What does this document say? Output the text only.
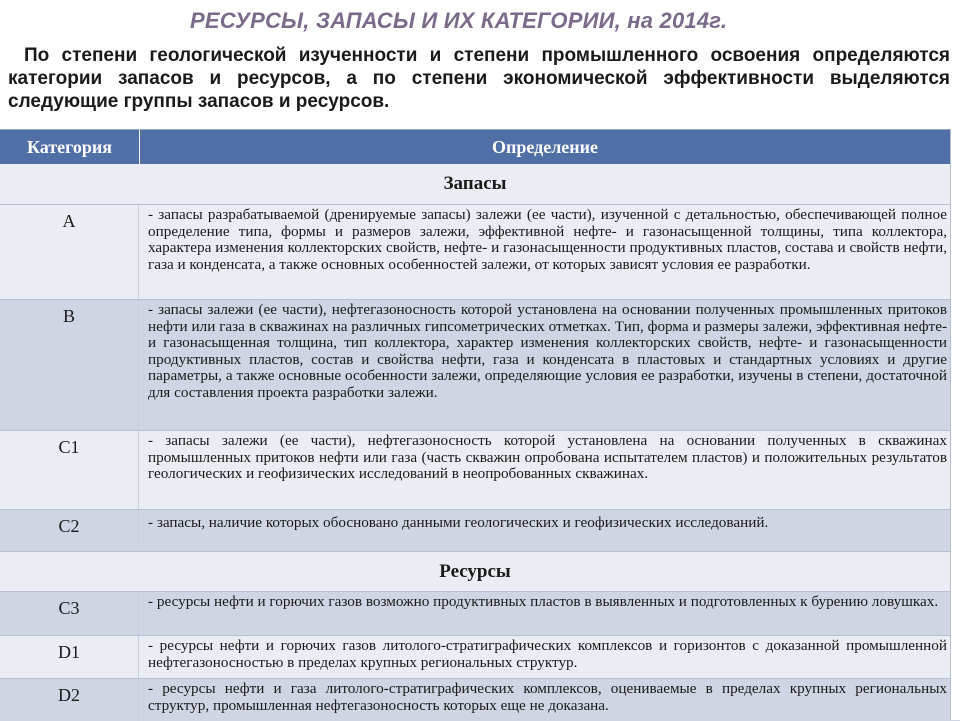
РЕСУРСЫ, ЗАПАСЫ И ИХ КАТЕГОРИИ, на 2014г.

По степени геологической изученности и степени промышленного освоения определяются категории запасов и ресурсов, а по степени экономической эффективности выделяются следующие группы запасов и ресурсов.

Категория	Определение
Запасы
A	- запасы разрабатываемой (дренируемые запасы) залежи (ее части), изученной с детальностью, обеспечивающей полное определение типа, формы и размеров залежи, эффективной нефте- и газонасыщенной толщины, типа коллектора, характера изменения коллекторских свойств, нефте- и газонасыщенности продуктивных пластов, состава и свойств нефти, газа и конденсата, а также основных особенностей залежи, от которых зависят условия ее разработки.
B	- запасы залежи (ее части), нефтегазоносность которой установлена на основании полученных промышленных притоков нефти или газа в скважинах на различных гипсометрических отметках. Тип, форма и размеры залежи, эффективная нефте- и газонасыщенная толщина, тип коллектора, характер изменения коллекторских свойств, нефте- и газонасыщенности продуктивных пластов, состав и свойства нефти, газа и конденсата в пластовых и стандартных условиях и другие параметры, а также основные особенности залежи, определяющие условия ее разработки, изучены в степени, достаточной для составления проекта разработки залежи.
C1	- запасы залежи (ее части), нефтегазоносность которой установлена на основании полученных в скважинах промышленных притоков нефти или газа (часть скважин опробована испытателем пластов) и положительных результатов геологических и геофизических исследований в неопробованных скважинах.
C2	- запасы, наличие которых обосновано данными геологических и геофизических исследований.
Ресурсы
C3	- ресурсы нефти и горючих газов возможно продуктивных пластов в выявленных и подготовленных к бурению ловушках.
D1	- ресурсы нефти и горючих газов литолого-стратиграфических комплексов и горизонтов с доказанной промышленной нефтегазоносностью в пределах крупных региональных структур.
D2	- ресурсы нефти и газа литолого-стратиграфических комплексов, оцениваемые в пределах крупных региональных структур, промышленная нефтегазоносность которых еще не доказана.
